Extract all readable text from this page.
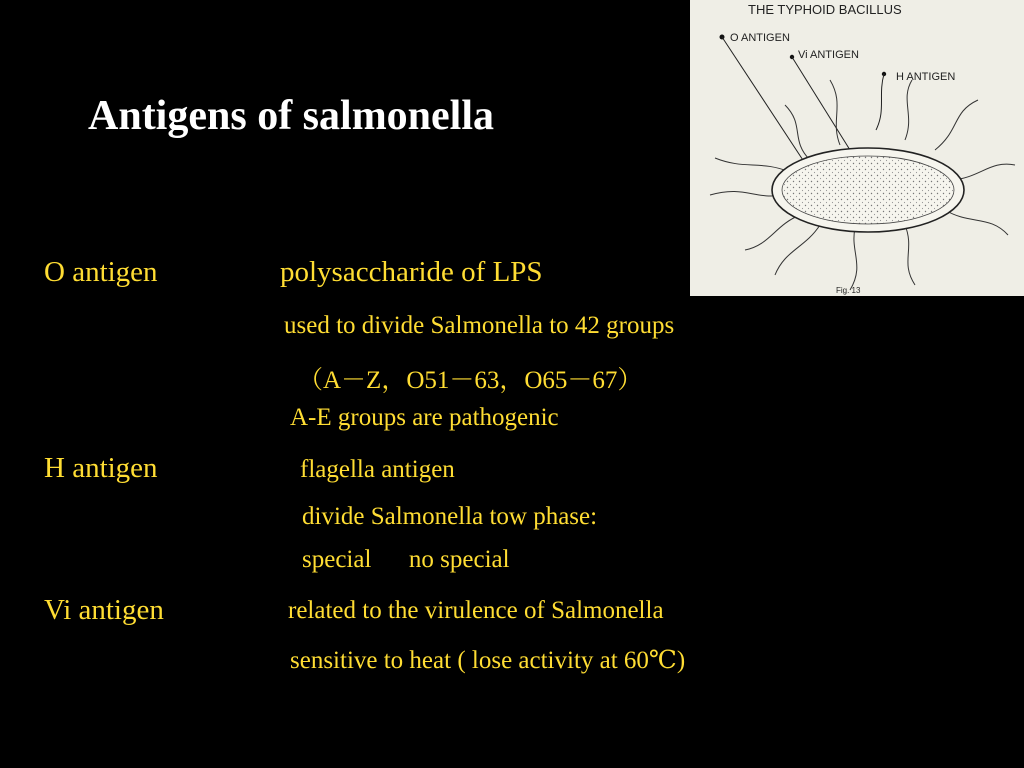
Antigens of salmonella
O antigen	polysaccharide of LPS
used to divide Salmonella to 42 groups
（A－Z，O51－63，O65－67）
A-E groups are pathogenic
H antigen	flagella antigen
divide Salmonella tow phase:
special      no special
Vi antigen	related to the virulence of Salmonella
sensitive to heat ( lose activity at 60℃)
THE TYPHOID BACILLUS
O ANTIGEN
Vi ANTIGEN
H ANTIGEN
Fig. 13
